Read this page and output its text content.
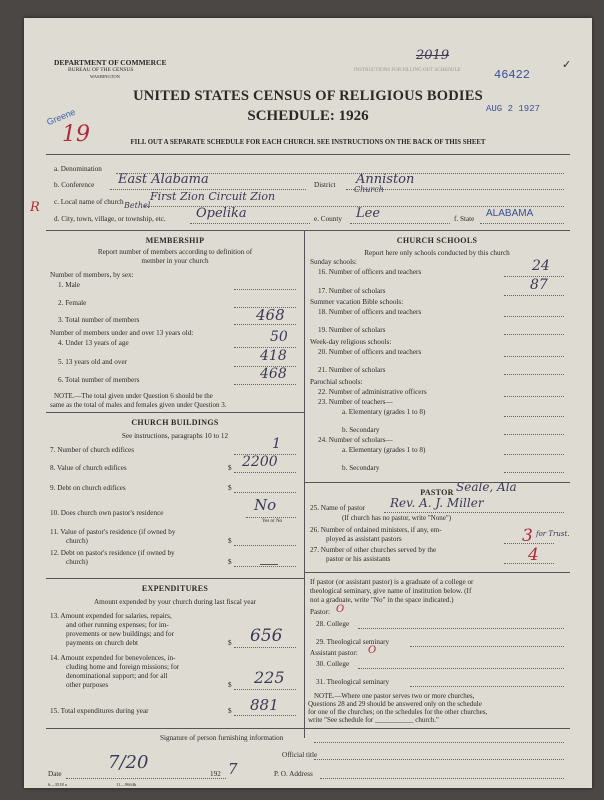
DEPARTMENT OF COMMERCE
BUREAU OF THE CENSUS
WASHINGTON
INSTRUCTIONS FOR FILLING OUT SCHEDULE
2019
46422
✓
AUG 2 1927
Greene
19
UNITED STATES CENSUS OF RELIGIOUS BODIES
SCHEDULE: 1926
FILL OUT A SEPARATE SCHEDULE FOR EACH CHURCH. SEE INSTRUCTIONS ON THE BACK OF THIS SHEET
a. Denomination
b. Conference East Alabama	District Anniston
R c. Local name of church First Zion Circuit Zion
Bethel
Church
d. City, town, village, or township, etc. Opelika	e. County Lee	f. State ALABAMA
MEMBERSHIP
Report number of members according to definition of
member in your church
Number of members, by sex:
1. Male
2. Female
3. Total number of members	468
Number of members under and over 13 years old:
4. Under 13 years of age	50
5. 13 years old and over	418
6. Total number of members	468
NOTE.—The total given under Question 6 should be the
same as the total of males and females given under Question 3.
CHURCH BUILDINGS
See instructions, paragraphs 10 to 12
7. Number of church edifices	1
8. Value of church edifices	$ 2200
9. Debt on church edifices	$
10. Does church own pastor's residence	No
Yes or No
11. Value of pastor's residence (if owned by
church)	$
12. Debt on pastor's residence (if owned by
church)	$
EXPENDITURES
Amount expended by your church during last fiscal year
13. Amount expended for salaries, repairs,
and other running expenses; for im-
provements or new buildings; and for
payments on church debt	$ 656
14. Amount expended for benevolences, in-
cluding home and foreign missions; for
denominational support; and for all
other purposes	$ 225
15. Total expenditures during year	$ 881
CHURCH SCHOOLS
Report here only schools conducted by this church
Sunday schools:
16. Number of officers and teachers	24
17. Number of scholars	87
Summer vacation Bible schools:
18. Number of officers and teachers
19. Number of scholars
Week-day religious schools:
20. Number of officers and teachers
21. Number of scholars
Parochial schools:
22. Number of administrative officers
23. Number of teachers—
a. Elementary (grades 1 to 8)
b. Secondary
24. Number of scholars—
a. Elementary (grades 1 to 8)
b. Secondary
PASTOR Seale, Ala
25. Name of pastor Rev. A. J. Miller
(If church has no pastor, write "None")
26. Number of ordained ministers, if any, em-
ployed as assistant pastors	3 for Trust.
27. Number of other churches served by the
pastor or his assistants	4
If pastor (or assistant pastor) is a graduate of a college or
theological seminary, give name of institution below. (If
not a graduate, write "No" in the space indicated.)
Pastor: O
28. College
29. Theological seminary
Assistant pastor: O
30. College
31. Theological seminary
NOTE.—Where one pastor serves two or more churches,
Questions 28 and 29 should be answered only on the schedule
for one of the churches; on the schedules for the other churches,
write "See schedule for ___________ church."
Signature of person furnishing information
Official title
Date
7/20
192 7	P. O. Address
6—3518 a	11—9664b
